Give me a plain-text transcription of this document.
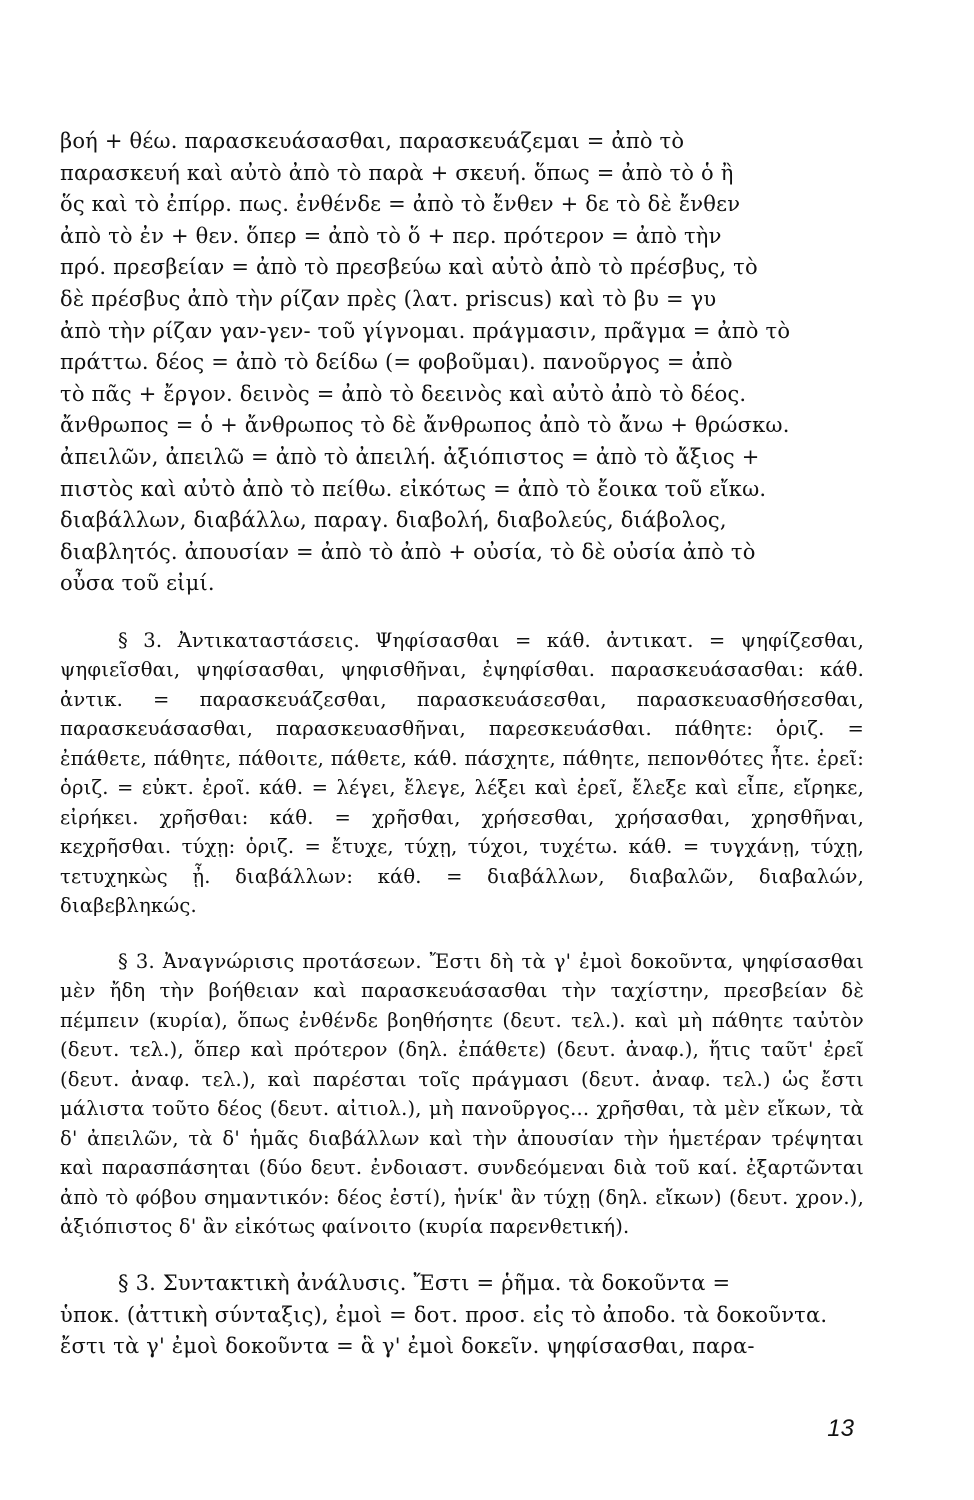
βοή + θέω. παρασκευάσασθαι, παρασκευάζεμαι = ἀπὸ τὸ
παρασκευή καὶ αὐτὸ ἀπὸ τὸ παρὰ + σκευή. ὅπως = ἀπὸ τὸ ὁ ἢ
ὅς καὶ τὸ ἐπίρρ. πως. ἐνθένδε = ἀπὸ τὸ ἔνθεν + δε τὸ δὲ ἔνθεν
ἀπὸ τὸ ἐν + θεν. ὅπερ = ἀπὸ τὸ ὅ + περ. πρότερον = ἀπὸ τὴν
πρό. πρεσβείαν = ἀπὸ τὸ πρεσβεύω καὶ αὐτὸ ἀπὸ τὸ πρέσβυς, τὸ
δὲ πρέσβυς ἀπὸ τὴν ρίζαν πρὲς (λατ. priscus) καὶ τὸ βυ = γυ
ἀπὸ τὴν ρίζαν γαν-γεν- τοῦ γίγνομαι. πράγμασιν, πρᾶγμα = ἀπὸ τὸ
πράττω. δέος = ἀπὸ τὸ δείδω (= φοβοῦμαι). πανοῦργος = ἀπὸ
τὸ πᾶς + ἔργον. δεινὸς = ἀπὸ τὸ δεεινὸς καὶ αὐτὸ ἀπὸ τὸ δέος.
ἄνθρωπος = ὁ + ἄνθρωπος τὸ δὲ ἄνθρωπος ἀπὸ τὸ ἄνω + θρώσκω.
ἀπειλῶν, ἀπειλῶ = ἀπὸ τὸ ἀπειλή. ἀξιόπιστος = ἀπὸ τὸ ἄξιος +
πιστὸς καὶ αὐτὸ ἀπὸ τὸ πείθω. εἰκότως = ἀπὸ τὸ ἔοικα τοῦ εἴκω.
διαβάλλων, διαβάλλω, παραγ. διαβολή, διαβολεύς, διάβολος,
διαβλητός. ἀπουσίαν = ἀπὸ τὸ ἀπὸ + οὐσία, τὸ δὲ οὐσία ἀπὸ τὸ
οὖσα τοῦ εἰμί.

§ 3. Ἀντικαταστάσεις. Ψηφίσασθαι = κάθ. ἀντικατ. = ψηφίζεσθαι, ψηφιεῖσθαι, ψηφίσασθαι, ψηφισθῆναι, ἐψηφίσθαι. παρασκευάσασθαι: κάθ. ἀντικ. = παρασκευάζεσθαι, παρασκευάσεσθαι, παρασκευασθήσεσθαι, παρασκευάσασθαι, παρασκευασθῆναι, παρεσκευάσθαι. πάθητε: ὁριζ. = ἐπάθετε, πάθητε, πάθοιτε, πάθετε, κάθ. πάσχητε, πάθητε, πεπονθότες ἦτε. ἐρεῖ: ὁριζ. = εὐκτ. ἐροῖ. κάθ. = λέγει, ἔλεγε, λέξει καὶ ἐρεῖ, ἔλεξε καὶ εἶπε, εἴρηκε, εἰρήκει. χρῆσθαι: κάθ. = χρῆσθαι, χρήσεσθαι, χρήσασθαι, χρησθῆναι, κεχρῆσθαι. τύχῃ: ὁριζ. = ἔτυχε, τύχῃ, τύχοι, τυχέτω. κάθ. = τυγχάνῃ, τύχῃ, τετυχηκὼς ᾖ. διαβάλλων: κάθ. = διαβάλλων, διαβαλῶν, διαβαλών, διαβεβληκώς.

§ 3. Ἀναγνώρισις προτάσεων. Ἔστι δὴ τὰ γ' ἐμοὶ δοκοῦντα, ψηφίσασθαι μὲν ἤδη τὴν βοήθειαν καὶ παρασκευάσασθαι τὴν ταχίστην, πρεσβείαν δὲ πέμπειν (κυρία), ὅπως ἐνθένδε βοηθήσητε (δευτ. τελ.). καὶ μὴ πάθητε ταὐτὸν (δευτ. τελ.), ὅπερ καὶ πρότερον (δηλ. ἐπάθετε) (δευτ. ἀναφ.), ἥτις ταῦτ' ἐρεῖ (δευτ. ἀναφ. τελ.), καὶ παρέσται τοῖς πράγμασι (δευτ. ἀναφ. τελ.) ὡς ἔστι μάλιστα τοῦτο δέος (δευτ. αἰτιολ.), μὴ πανοῦργος... χρῆσθαι, τὰ μὲν εἴκων, τὰ δ' ἀπειλῶν, τὰ δ' ἡμᾶς διαβάλλων καὶ τὴν ἀπουσίαν τὴν ἡμετέραν τρέψηται καὶ παρασπάσηται (δύο δευτ. ἐνδοιαστ. συνδεόμεναι διὰ τοῦ καί. ἐξαρτῶνται ἀπὸ τὸ φόβου σημαντικόν: δέος ἐστί), ἡνίκ' ἂν τύχῃ (δηλ. εἴκων) (δευτ. χρον.), ἀξιόπιστος δ' ἂν εἰκότως φαίνοιτο (κυρία παρενθετική).

§ 3. Συντακτικὴ ἀνάλυσις. Ἔστι = ῥῆμα. τὰ δοκοῦντα =
ὑποκ. (ἀττικὴ σύνταξις), ἐμοὶ = δοτ. προσ. εἰς τὸ ἀποδο. τὰ δοκοῦντα.
ἔστι τὰ γ' ἐμοὶ δοκοῦντα = ἃ γ' ἐμοὶ δοκεῖν. ψηφίσασθαι, παρα-

13
